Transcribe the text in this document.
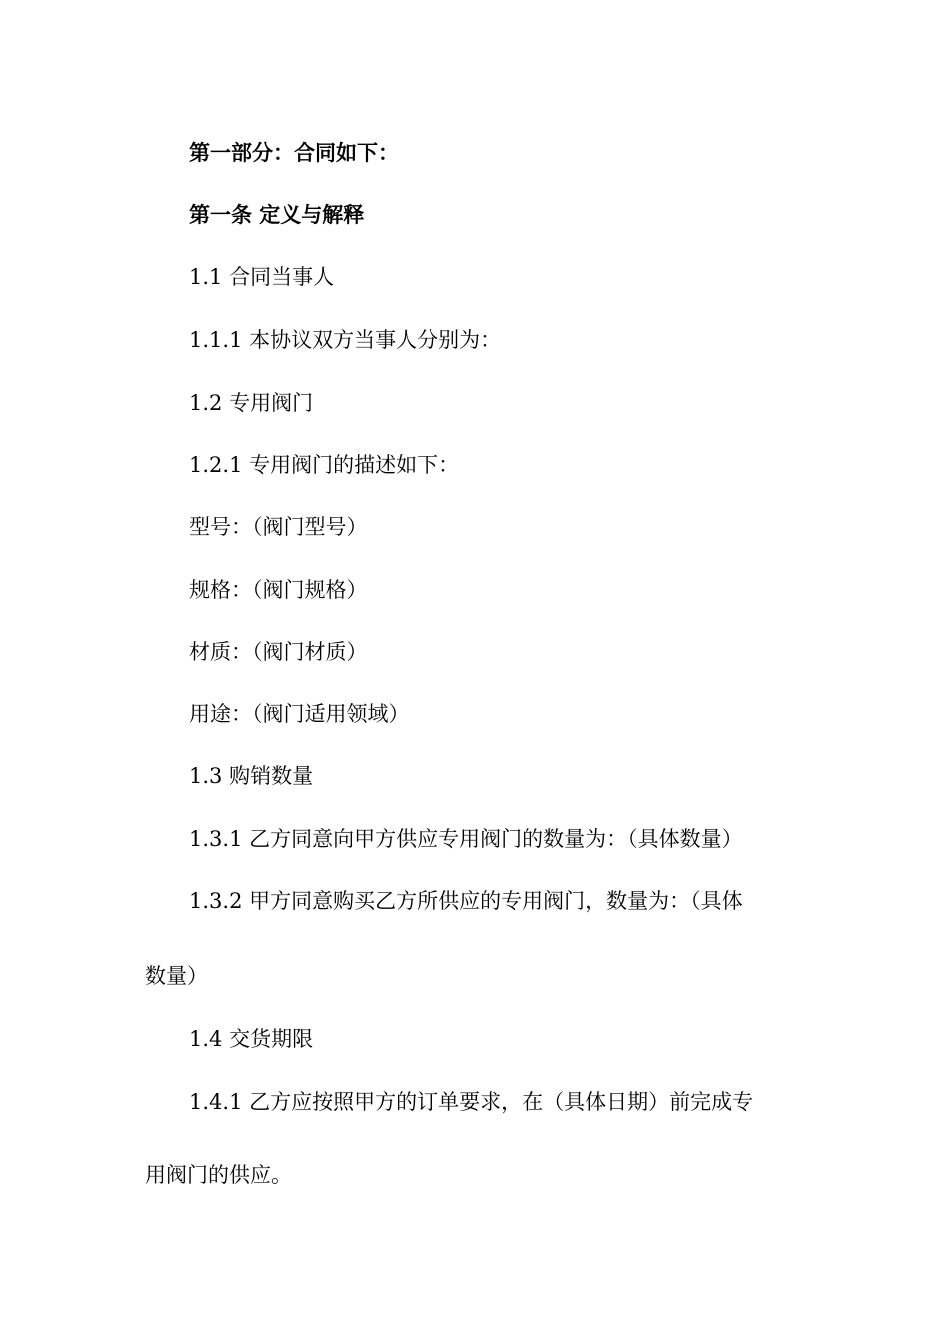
第一部分：合同如下：
第一条 定义与解释
1.1 合同当事人
1.1.1 本协议双方当事人分别为：
1.2 专用阀门
1.2.1 专用阀门的描述如下：
型号：（阀门型号）
规格：（阀门规格）
材质：（阀门材质）
用途：（阀门适用领域）
1.3 购销数量
1.3.1 乙方同意向甲方供应专用阀门的数量为：（具体数量）
1.3.2 甲方同意购买乙方所供应的专用阀门，数量为：（具体
数量）
1.4 交货期限
1.4.1 乙方应按照甲方的订单要求，在（具体日期）前完成专
用阀门的供应。
